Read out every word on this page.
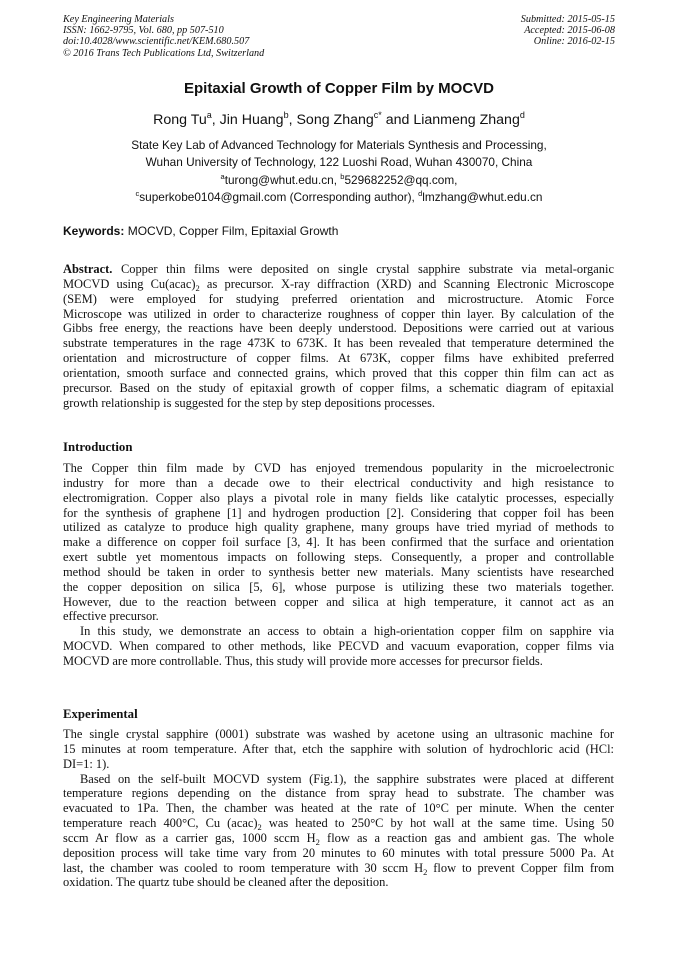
Key Engineering Materials
ISSN: 1662-9795, Vol. 680, pp 507-510
doi:10.4028/www.scientific.net/KEM.680.507
© 2016 Trans Tech Publications Ltd, Switzerland
Submitted: 2015-05-15
Accepted: 2015-06-08
Online: 2016-02-15
Epitaxial Growth of Copper Film by MOCVD
Rong Tu$^a$, Jin Huang$^b$, Song Zhang$^{c*}$ and Lianmeng Zhang$^d$
State Key Lab of Advanced Technology for Materials Synthesis and Processing,
Wuhan University of Technology, 122 Luoshi Road, Wuhan 430070, China
$^a$turong@whut.edu.cn, $^b$529682252@qq.com,
$^c$superkobe0104@gmail.com (Corresponding author), $^d$lmzhang@whut.edu.cn
Keywords: MOCVD, Copper Film, Epitaxial Growth
Abstract. Copper thin films were deposited on single crystal sapphire substrate via metal-organic
MOCVD using $Cu(acac)_2$ as precursor. X-ray diffraction (XRD) and Scanning Electronic Microscope
(SEM) were employed for studying preferred orientation and microstructure. Atomic Force
Microscope was utilized in order to characterize roughness of copper thin layer. By calculation of the
Gibbs free energy, the reactions have been deeply understood. Depositions were carried out at various
substrate temperatures in the rage 473K to 673K. It has been revealed that temperature determined the
orientation and microstructure of copper films. At 673K, copper films have exhibited preferred
orientation, smooth surface and connected grains, which proved that this copper thin film can act as
precursor. Based on the study of epitaxial growth of copper films, a schematic diagram of epitaxial
growth relationship is suggested for the step by step depositions processes.
Introduction
The Copper thin film made by CVD has enjoyed tremendous popularity in the microelectronic
industry for more than a decade owe to their electrical conductivity and high resistance to
electromigration. Copper also plays a pivotal role in many fields like catalytic processes, especially
for the synthesis of graphene [1] and hydrogen production [2]. Considering that copper foil has been
utilized as catalyze to produce high quality graphene, many groups have tried myriad of methods to
make a difference on copper foil surface [3, 4]. It has been confirmed that the surface and orientation
exert subtle yet momentous impacts on following steps. Consequently, a proper and controllable
method should be taken in order to synthesis better new materials. Many scientists have researched
the copper deposition on silica [5, 6], whose purpose is utilizing these two materials together.
However, due to the reaction between copper and silica at high temperature, it cannot act as an
effective precursor.
In this study, we demonstrate an access to obtain a high-orientation copper film on sapphire via
MOCVD. When compared to other methods, like PECVD and vacuum evaporation, copper films via
MOCVD are more controllable. Thus, this study will provide more accesses for precursor fields.
Experimental
The single crystal sapphire (0001) substrate was washed by acetone using an ultrasonic machine for
15 minutes at room temperature. After that, etch the sapphire with solution of hydrochloric acid (HCl:
DI=1: 1).
Based on the self-built MOCVD system (Fig.1), the sapphire substrates were placed at different
temperature regions depending on the distance from spray head to substrate. The chamber was
evacuated to 1Pa. Then, the chamber was heated at the rate of 10°C per minute. When the center
temperature reach 400°C, Cu $(acac)_2$ was heated to 250°C by hot wall at the same time. Using 50
sccm Ar flow as a carrier gas, 1000 sccm $H_2$ flow as a reaction gas and ambient gas. The whole
deposition process will take time vary from 20 minutes to 60 minutes with total pressure 5000 Pa. At
last, the chamber was cooled to room temperature with 30 sccm $H_2$ flow to prevent Copper film from
oxidation. The quartz tube should be cleaned after the deposition.
